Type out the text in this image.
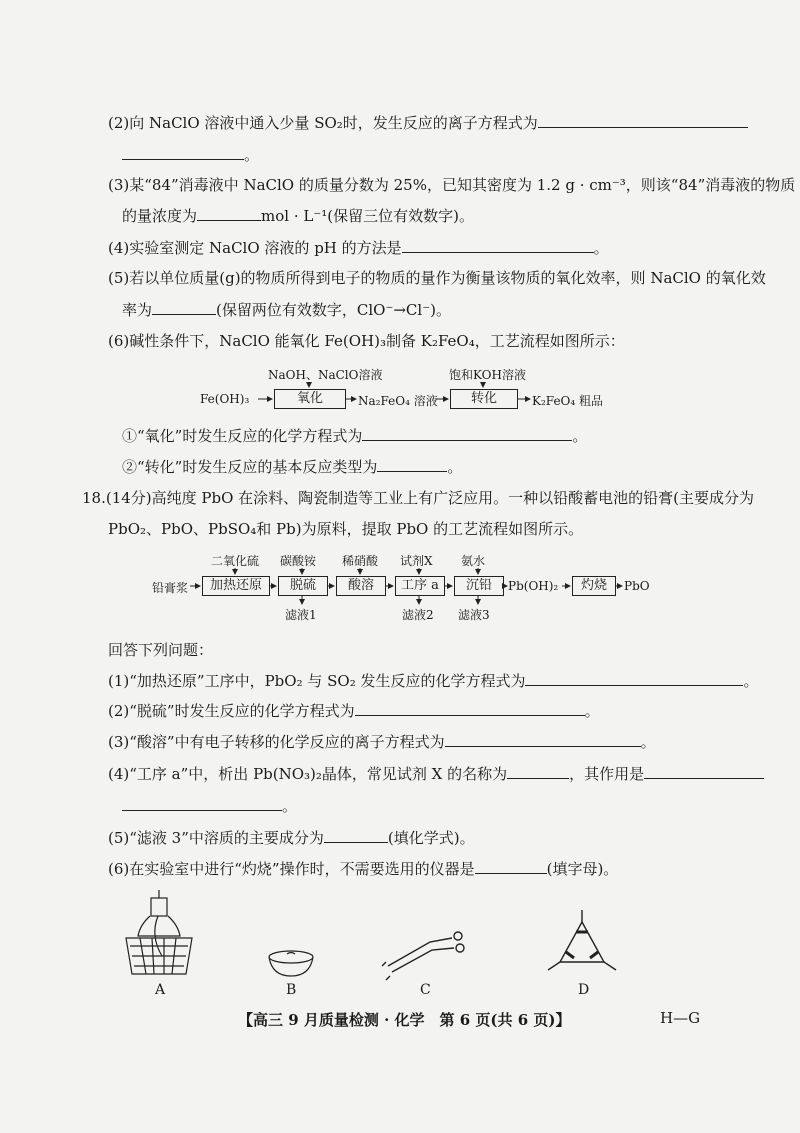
(2)向 NaClO 溶液中通入少量 SO₂时，发生反应的离子方程式为
。
(3)某“84”消毒液中 NaClO 的质量分数为 25%，已知其密度为 1.2 g · cm⁻³，则该“84”消毒液的物质
的量浓度为	mol · L⁻¹(保留三位有效数字)。
(4)实验室测定 NaClO 溶液的 pH 的方法是	。
(5)若以单位质量(g)的物质所得到电子的物质的量作为衡量该物质的氧化效率，则 NaClO 的氧化效
率为	(保留两位有效数字，ClO⁻→Cl⁻)。
(6)碱性条件下，NaClO 能氧化 Fe(OH)₃制备 K₂FeO₄，工艺流程如图所示：
NaOH、NaClO溶液	饱和KOH溶液
Fe(OH)₃	氧化	Na₂FeO₄ 溶液	转化	K₂FeO₄ 粗品
①“氧化”时发生反应的化学方程式为	。
②“转化”时发生反应的基本反应类型为	。
18.(14分)高纯度 PbO 在涂料、陶瓷制造等工业上有广泛应用。一种以铅酸蓄电池的铅膏(主要成分为
PbO₂、PbO、PbSO₄和 Pb)为原料，提取 PbO 的工艺流程如图所示。
二氧化硫 碳酸铵 稀硝酸 试剂X 氨水
铅膏浆	加热还原	脱硫	酸溶	工序 a	沉铅	Pb(OH)₂	灼烧	PbO
滤液1	滤液2 滤液3
回答下列问题：
(1)“加热还原”工序中，PbO₂ 与 SO₂ 发生反应的化学方程式为	。
(2)“脱硫”时发生反应的化学方程式为	。
(3)“酸溶”中有电子转移的化学反应的离子方程式为	。
(4)“工序 a”中，析出 Pb(NO₃)₂晶体，常见试剂 X 的名称为	，其作用是
。
(5)“滤液 3”中溶质的主要成分为	(填化学式)。
(6)在实验室中进行“灼烧”操作时，不需要选用的仪器是	(填字母)。
A	B	C	D
【高三 9 月质量检测 · 化学　第 6 页(共 6 页)】	H—G
